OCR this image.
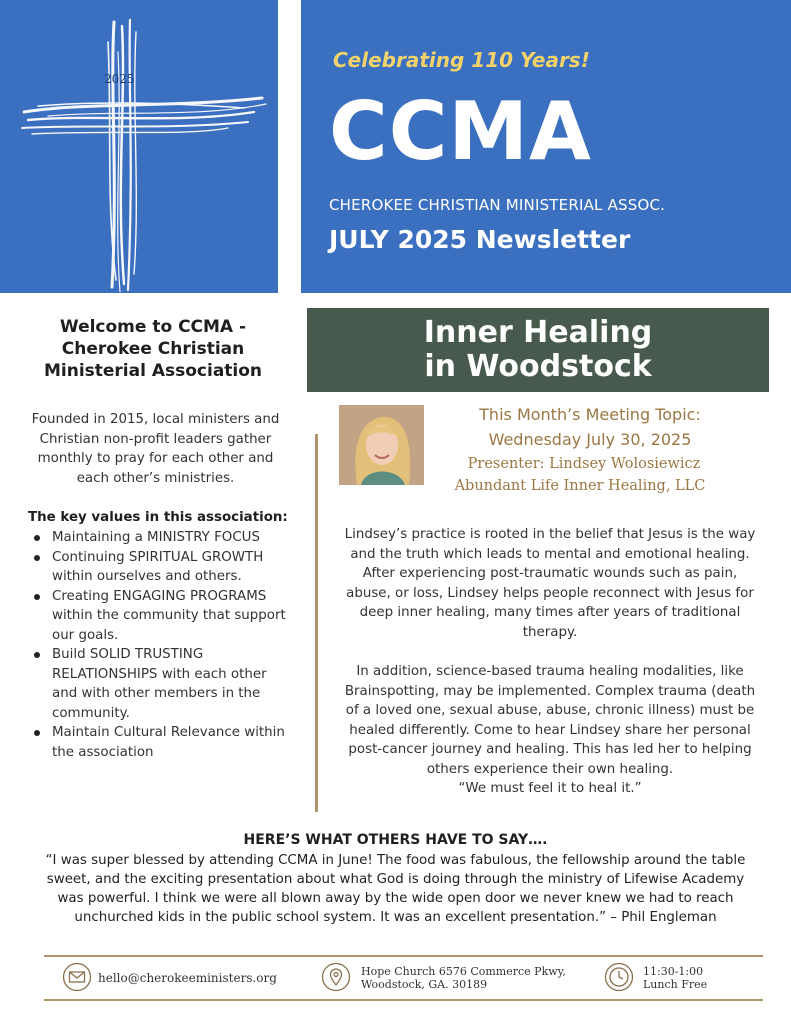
2025
Celebrating 110 Years!
CCMA
CHEROKEE CHRISTIAN MINISTERIAL ASSOC.
JULY 2025 Newsletter
Welcome to CCMA -
Cherokee Christian
Ministerial Association
Founded in 2015, local ministers and Christian non-profit leaders gather monthly to pray for each other and each other’s ministries.
The key values in this association:
Maintaining a MINISTRY FOCUS
Continuing SPIRITUAL GROWTH within ourselves and others.
Creating ENGAGING PROGRAMS within the community that support our goals.
Build SOLID TRUSTING RELATIONSHIPS with each other and with other members in the community.
Maintain Cultural Relevance within the association
Inner Healing
in Woodstock
This Month’s Meeting Topic:
Wednesday July 30, 2025
Presenter: Lindsey Wolosiewicz
Abundant Life Inner Healing, LLC
Lindsey’s practice is rooted in the belief that Jesus is the way and the truth which leads to mental and emotional healing. After experiencing post-traumatic wounds such as pain, abuse, or loss, Lindsey helps people reconnect with Jesus for deep inner healing, many times after years of traditional therapy.
In addition, science-based trauma healing modalities, like Brainspotting, may be implemented. Complex trauma (death of a loved one, sexual abuse, abuse, chronic illness) must be healed differently. Come to hear Lindsey share her personal post-cancer journey and healing. This has led her to helping others experience their own healing.
“We must feel it to heal it.”
HERE’S WHAT OTHERS HAVE TO SAY….
“I was super blessed by attending CCMA in June! The food was fabulous, the fellowship around the table sweet, and the exciting presentation about what God is doing through the ministry of Lifewise Academy was powerful. I think we were all blown away by the wide open door we never knew we had to reach unchurched kids in the public school system. It was an excellent presentation.” – Phil Engleman
hello@cherokeeministers.org	Hope Church 6576 Commerce Pkwy,
Woodstock, GA. 30189
11:30-1:00
Lunch Free
